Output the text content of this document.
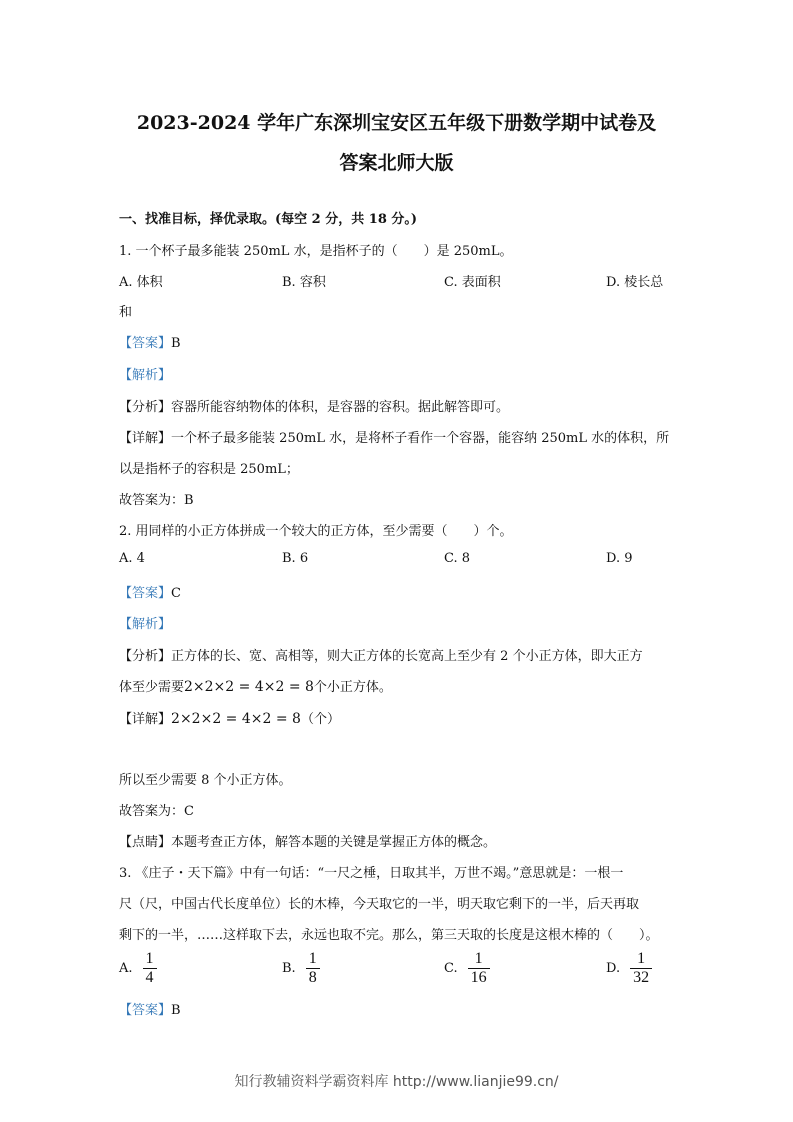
2023-2024 学年广东深圳宝安区五年级下册数学期中试卷及
答案北师大版
一、找准目标，择优录取。(每空 2 分，共 18 分。)
1. 一个杯子最多能装 250mL 水，是指杯子的（　　）是 250mL。
A. 体积	B. 容积	C. 表面积	D. 棱长总
和
【答案】B
【解析】
【分析】容器所能容纳物体的体积，是容器的容积。据此解答即可。
【详解】一个杯子最多能装 250mL 水，是将杯子看作一个容器，能容纳 250mL 水的体积，所
以是指杯子的容积是 250mL；
故答案为：B
2. 用同样的小正方体拼成一个较大的正方体，至少需要（　　）个。
A. 4	B. 6	C. 8	D. 9
【答案】C
【解析】
【分析】正方体的长、宽、高相等，则大正方体的长宽高上至少有 2 个小正方体，即大正方
体至少需要2×2×2 = 4×2 = 8个小正方体。
【详解】2×2×2 = 4×2 = 8（个）
所以至少需要 8 个小正方体。
故答案为：C
【点睛】本题考查正方体，解答本题的关键是掌握正方体的概念。
3. 《庄子・天下篇》中有一句话：“一尺之棰，日取其半，万世不竭。”意思就是：一根一
尺（尺，中国古代长度单位）长的木棒，今天取它的一半，明天取它剩下的一半，后天再取
剩下的一半，……这样取下去，永远也取不完。那么，第三天取的长度是这根木棒的（　　）。
A. $\frac{1}{4}$	B. $\frac{1}{8}$	C. $\frac{1}{16}$	D. $\frac{1}{32}$
【答案】B
知行教辅资料学霸资料库 http://www.lianjie99.cn/
